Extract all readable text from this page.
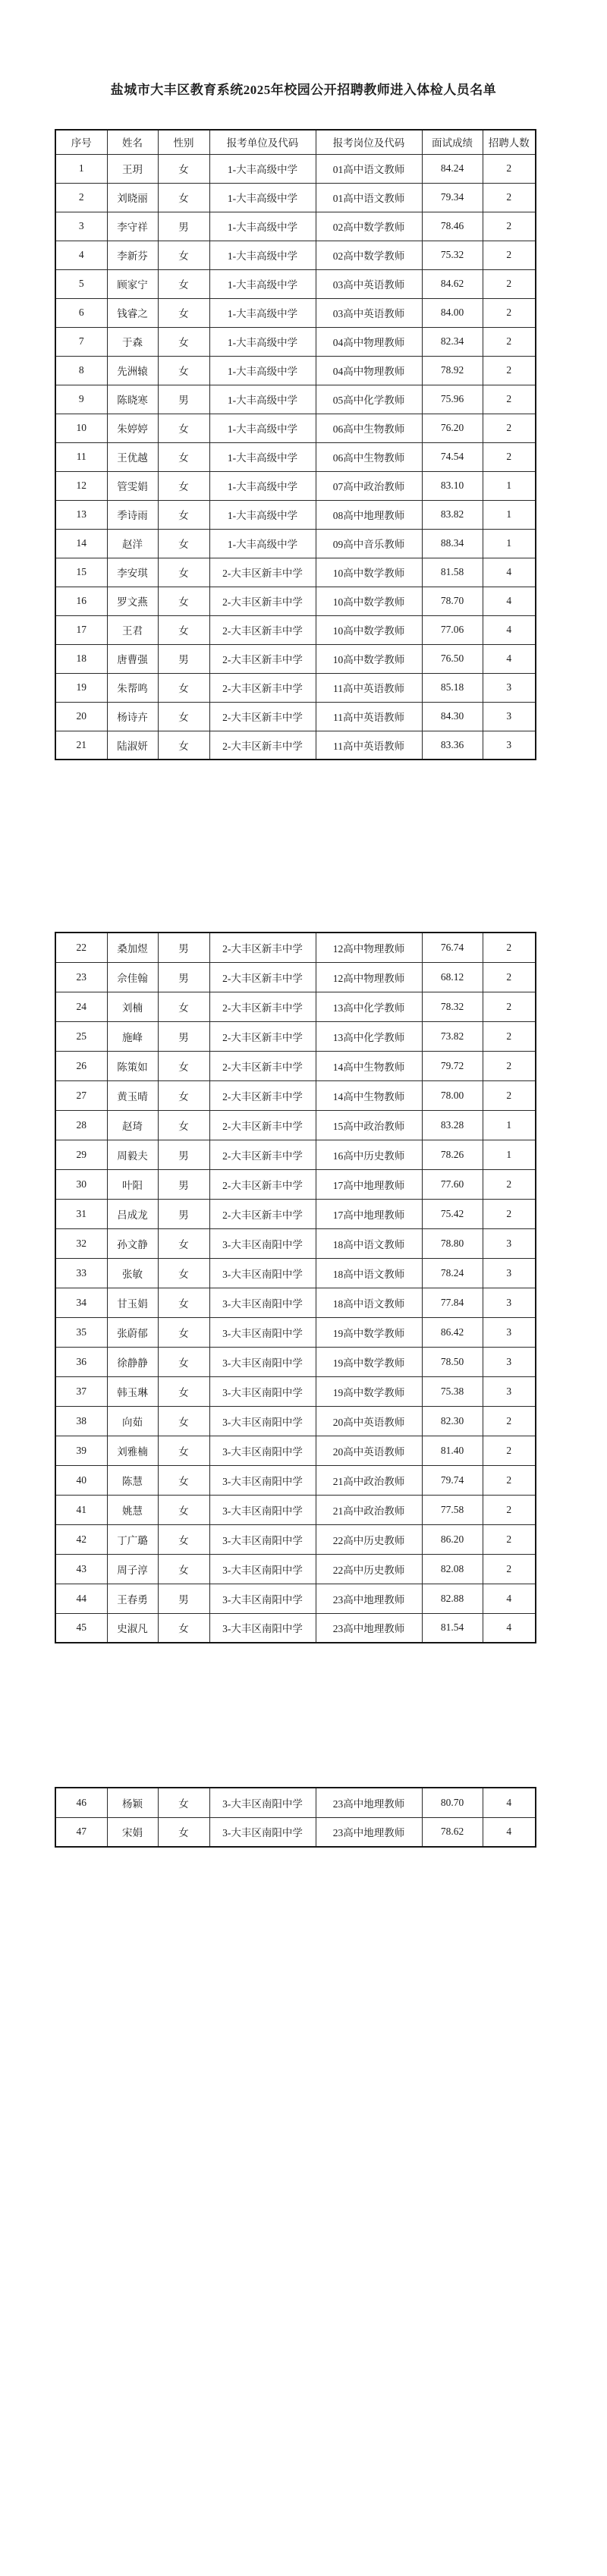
盐城市大丰区教育系统2025年校园公开招聘教师进入体检人员名单
序号	姓名	性别	报考单位及代码	报考岗位及代码	面试成绩	招聘人数
1	王玥	女	1-大丰高级中学	01高中语文教师	84.24	2
2	刘晓丽	女	1-大丰高级中学	01高中语文教师	79.34	2
3	李守祥	男	1-大丰高级中学	02高中数学教师	78.46	2
4	李新芬	女	1-大丰高级中学	02高中数学教师	75.32	2
5	顾家宁	女	1-大丰高级中学	03高中英语教师	84.62	2
6	钱睿之	女	1-大丰高级中学	03高中英语教师	84.00	2
7	于森	女	1-大丰高级中学	04高中物理教师	82.34	2
8	先洲辕	女	1-大丰高级中学	04高中物理教师	78.92	2
9	陈晓寒	男	1-大丰高级中学	05高中化学教师	75.96	2
10	朱婷婷	女	1-大丰高级中学	06高中生物教师	76.20	2
11	王优越	女	1-大丰高级中学	06高中生物教师	74.54	2
12	管雯娟	女	1-大丰高级中学	07高中政治教师	83.10	1
13	季诗雨	女	1-大丰高级中学	08高中地理教师	83.82	1
14	赵洋	女	1-大丰高级中学	09高中音乐教师	88.34	1
15	李安琪	女	2-大丰区新丰中学	10高中数学教师	81.58	4
16	罗文燕	女	2-大丰区新丰中学	10高中数学教师	78.70	4
17	王君	女	2-大丰区新丰中学	10高中数学教师	77.06	4
18	唐曹强	男	2-大丰区新丰中学	10高中数学教师	76.50	4
19	朱帮鸣	女	2-大丰区新丰中学	11高中英语教师	85.18	3
20	杨诗卉	女	2-大丰区新丰中学	11高中英语教师	84.30	3
21	陆淑妍	女	2-大丰区新丰中学	11高中英语教师	83.36	3
22	桑加煜	男	2-大丰区新丰中学	12高中物理教师	76.74	2
23	佘佳翰	男	2-大丰区新丰中学	12高中物理教师	68.12	2
24	刘楠	女	2-大丰区新丰中学	13高中化学教师	78.32	2
25	施峰	男	2-大丰区新丰中学	13高中化学教师	73.82	2
26	陈策如	女	2-大丰区新丰中学	14高中生物教师	79.72	2
27	黄玉晴	女	2-大丰区新丰中学	14高中生物教师	78.00	2
28	赵琦	女	2-大丰区新丰中学	15高中政治教师	83.28	1
29	周毅夫	男	2-大丰区新丰中学	16高中历史教师	78.26	1
30	叶阳	男	2-大丰区新丰中学	17高中地理教师	77.60	2
31	吕成龙	男	2-大丰区新丰中学	17高中地理教师	75.42	2
32	孙文静	女	3-大丰区南阳中学	18高中语文教师	78.80	3
33	张敏	女	3-大丰区南阳中学	18高中语文教师	78.24	3
34	甘玉娟	女	3-大丰区南阳中学	18高中语文教师	77.84	3
35	张蔚郁	女	3-大丰区南阳中学	19高中数学教师	86.42	3
36	徐静静	女	3-大丰区南阳中学	19高中数学教师	78.50	3
37	韩玉琳	女	3-大丰区南阳中学	19高中数学教师	75.38	3
38	向茹	女	3-大丰区南阳中学	20高中英语教师	82.30	2
39	刘雅楠	女	3-大丰区南阳中学	20高中英语教师	81.40	2
40	陈慧	女	3-大丰区南阳中学	21高中政治教师	79.74	2
41	姚慧	女	3-大丰区南阳中学	21高中政治教师	77.58	2
42	丁广璐	女	3-大丰区南阳中学	22高中历史教师	86.20	2
43	周子淳	女	3-大丰区南阳中学	22高中历史教师	82.08	2
44	王春勇	男	3-大丰区南阳中学	23高中地理教师	82.88	4
45	史淑凡	女	3-大丰区南阳中学	23高中地理教师	81.54	4
46	杨颖	女	3-大丰区南阳中学	23高中地理教师	80.70	4
47	宋娟	女	3-大丰区南阳中学	23高中地理教师	78.62	4
